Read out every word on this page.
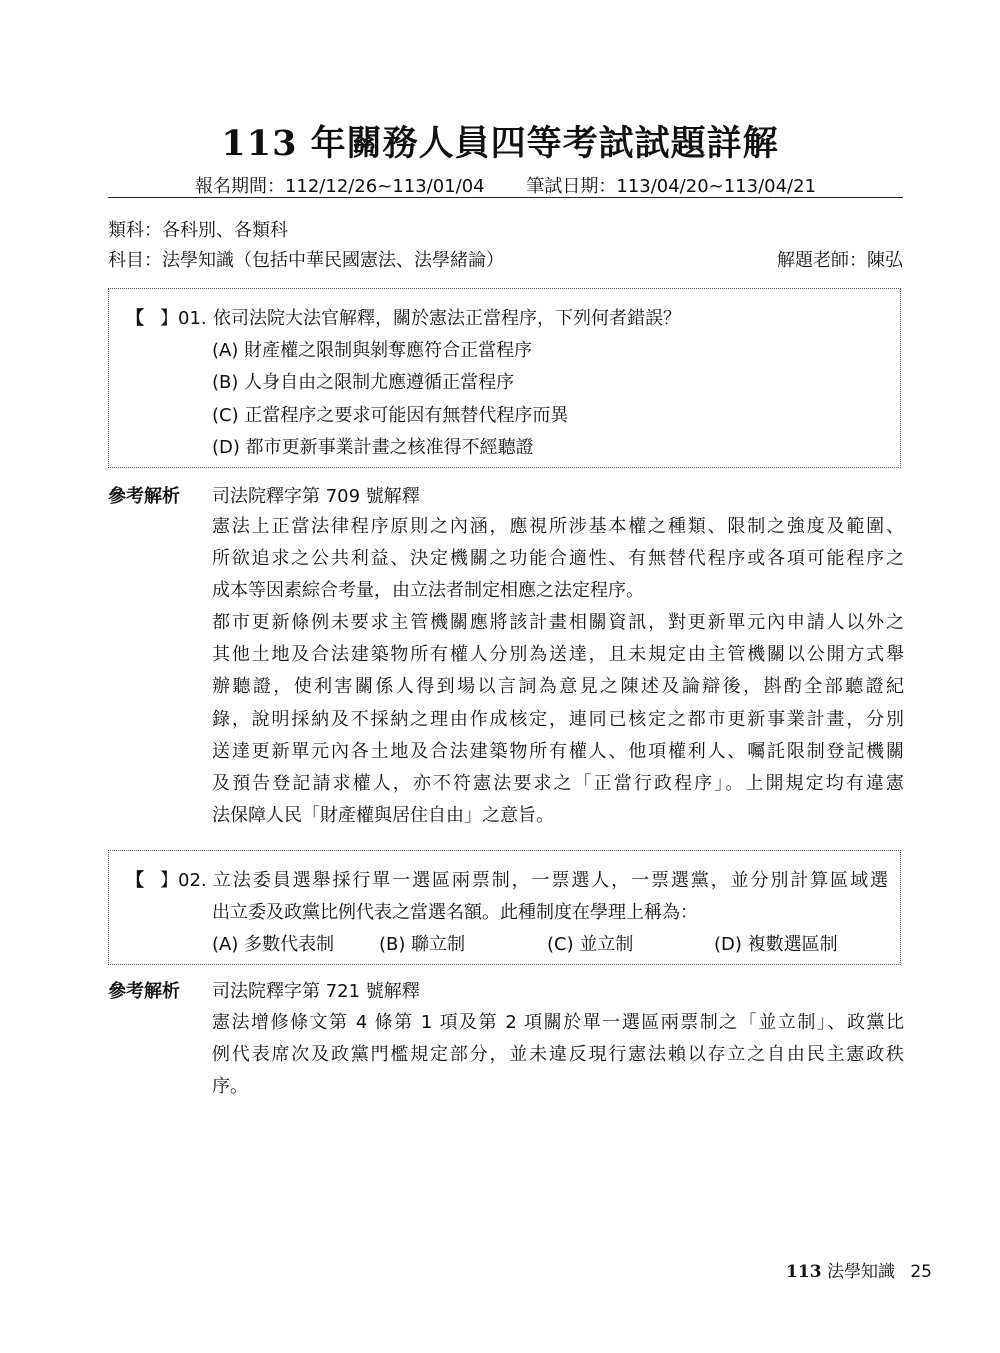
113 年關務人員四等考試試題詳解
報名期間：112/12/26~113/01/04 筆試日期：113/04/20~113/04/21
類科：各科別、各類科
科目：法學知識（包括中華民國憲法、法學緒論）	解題老師：陳弘
【 】01. 依司法院大法官解釋，關於憲法正當程序，下列何者錯誤？
(A) 財產權之限制與剝奪應符合正當程序
(B) 人身自由之限制尤應遵循正當程序
(C) 正當程序之要求可能因有無替代程序而異
(D) 都市更新事業計畫之核准得不經聽證
參考解析 司法院釋字第 709 號解釋
憲法上正當法律程序原則之內涵，應視所涉基本權之種類、限制之強度及範圍、
所欲追求之公共利益、決定機關之功能合適性、有無替代程序或各項可能程序之
成本等因素綜合考量，由立法者制定相應之法定程序。
都市更新條例未要求主管機關應將該計畫相關資訊，對更新單元內申請人以外之
其他土地及合法建築物所有權人分別為送達，且未規定由主管機關以公開方式舉
辦聽證，使利害關係人得到場以言詞為意見之陳述及論辯後，斟酌全部聽證紀
錄，說明採納及不採納之理由作成核定，連同已核定之都市更新事業計畫，分別
送達更新單元內各土地及合法建築物所有權人、他項權利人、囑託限制登記機關
及預告登記請求權人，亦不符憲法要求之「正當行政程序」。上開規定均有違憲
法保障人民「財產權與居住自由」之意旨。
【 】02. 立法委員選舉採行單一選區兩票制，一票選人，一票選黨，並分別計算區域選
出立委及政黨比例代表之當選名額。此種制度在學理上稱為：
(A) 多數代表制 (B) 聯立制	(C) 並立制	(D) 複數選區制
參考解析 司法院釋字第 721 號解釋
憲法增修條文第 4 條第 1 項及第 2 項關於單一選區兩票制之「並立制」、政黨比
例代表席次及政黨門檻規定部分，並未違反現行憲法賴以存立之自由民主憲政秩
序。
113 法學知識 25
